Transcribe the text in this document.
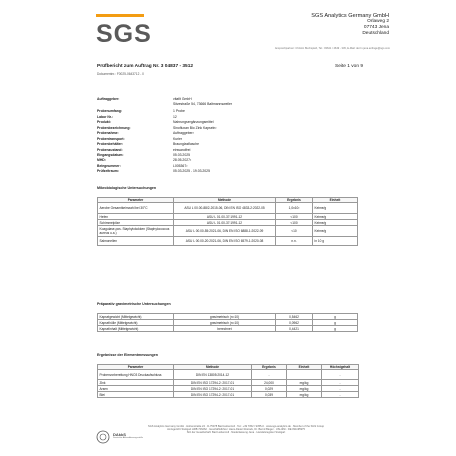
SGS
SGS Analytics Germany GmbH
Orlaweg 2
07743 Jena
Deutschland
Ansprechpartner: Christin Buchspieß, Tel.: 03641 / 4649 - 345, E-Mail: de.hn.jena.anfrage@sgs.com
Prüfbericht zum Auftrag Nr. 3 04837 - 3512	Seite 1 von 9
Dokumentnr.: F0025-0643712 - 0
Auftraggeber:	vitafit GmbH
Sitzestraße 54, 73666 Baltmannsweiler
Probenumfang:	1 Probe
Labor Nr.:	12
Produkt:	Nahrungsergänzungsmittel
Probenbezeichnung:	Sinofluxan Bio Zink Kapseln²
Probenahme:	Auftraggeber²
Probentransport:	Kurier
Probenbehälter:	Braunglasflasche
Probenzustand:	einwandfrei
Eingangsdatum:	05.03.2025
MHD:	28.05.2027²
Belegnummer:	L005367²
Prüfzeitraum:	05.03.2025 - 19.03.2025
Mikrobiologische Untersuchungen
Parameter	Methode	Ergebnis	Einheit
Aerobe Gesamtkeimzahl bei 30°C	ASU L 00.00-88/2-2015-06, DIN EN ISO 4833-2:2022-05	1,0x10²	Keime/g
Hefen	ASU L 01.00-37:1991-12	<100	Keime/g
Schimmelpilze	ASU L 01.00-37:1991-12	<100	Keime/g
Koagulase-pos. Staphylokokken (Staphylococcus aureus u.a.)	ASU L 00.00-55:2021-06, DIN EN ISO 6888-1:2022-09	<10	Keime/g
Salmonellen	ASU L 00.00-20:2021-06, DIN EN ISO 6579-1:2020-08	n.n.	in 10 g
Präparativ gravimetrische Untersuchungen
Kapselgewicht (Mittelgewicht)	gravimetrisch (n=10)	0,5462	g
Kapselhülle (Mittelgewicht)	gravimetrisch (n=10)	0,0962	g
Kapselinhalt (Mittelgewicht)	berechnet	0,4421	g
Ergebnisse der Elementmessungen
Parameter	Methode	Ergebnis	Einheit	Höchstgehalt
Probenvorbereitung HNO3 Druckaufschluss	DIN EN 13805:2014-12	-		-
Zink	DIN EN ISO 17294-2: 2017-01	24,000	mg/kg	-
Arsen	DIN EN ISO 17294-2: 2017-01	0,029	mg/kg	-
Blei	DIN EN ISO 17294-2: 2017-01	0,039	mg/kg	-
DAkkS
Deutsche Akkreditierungsstelle
SGS Analytics Germany GmbH · Hohenstraße 24 · D-75378 Bad Liebenzell · Tel.: +49 7052 / 9355-0 · www.sgs-analytics.de · Member of the SGS Group
Amtsgericht Stuttgart HRB 726262 · Geschäftsführer: Hans-Dieter Rostock, Dr. Bernd Bieger · USt-IdNr.: DE 811195975
Sitz der Gesellschaft: Bad Liebenzell · Niederlassung Jena · Handelsregister Stuttgart
